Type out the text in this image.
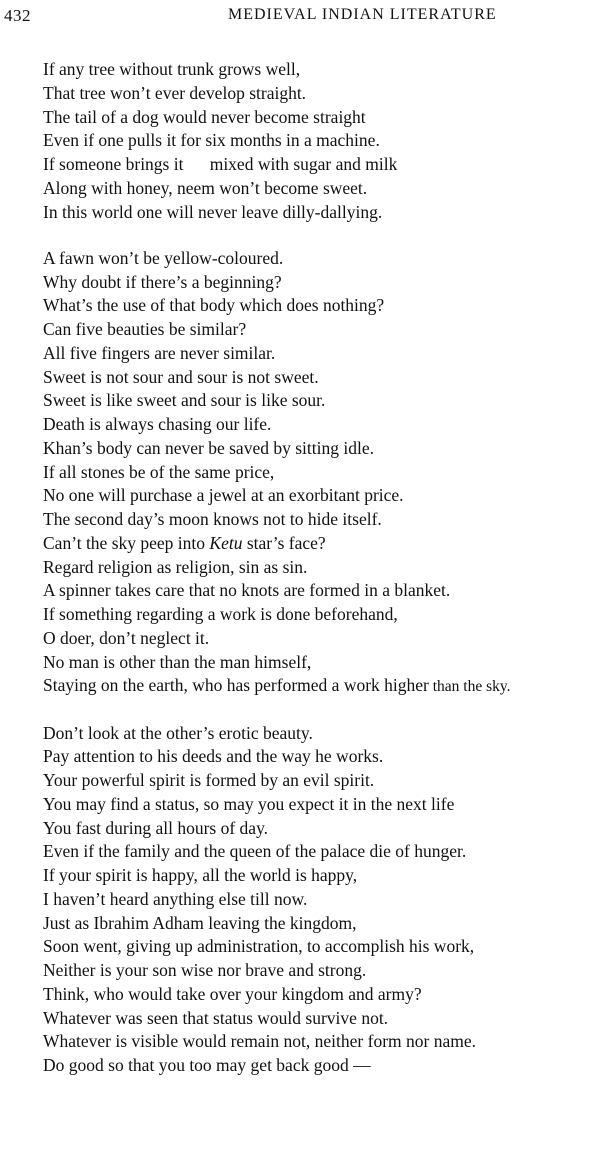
432	MEDIEVAL INDIAN LITERATURE
If any tree without trunk grows well,
That tree won’t ever develop straight.
The tail of a dog would never become straight
Even if one pulls it for six months in a machine.
If someone brings it      mixed with sugar and milk
Along with honey, neem won’t become sweet.
In this world one will never leave dilly-dallying.
A fawn won’t be yellow-coloured.
Why doubt if there’s a beginning?
What’s the use of that body which does nothing?
Can five beauties be similar?
All five fingers are never similar.
Sweet is not sour and sour is not sweet.
Sweet is like sweet and sour is like sour.
Death is always chasing our life.
Khan’s body can never be saved by sitting idle.
If all stones be of the same price,
No one will purchase a jewel at an exorbitant price.
The second day’s moon knows not to hide itself.
Can’t the sky peep into Ketu star’s face?
Regard religion as religion, sin as sin.
A spinner takes care that no knots are formed in a blanket.
If something regarding a work is done beforehand,
O doer, don’t neglect it.
No man is other than the man himself,
Staying on the earth, who has performed a work higher than the sky.
Don’t look at the other’s erotic beauty.
Pay attention to his deeds and the way he works.
Your powerful spirit is formed by an evil spirit.
You may find a status, so may you expect it in the next life
You fast during all hours of day.
Even if the family and the queen of the palace die of hunger.
If your spirit is happy, all the world is happy,
I haven’t heard anything else till now.
Just as Ibrahim Adham leaving the kingdom,
Soon went, giving up administration, to accomplish his work,
Neither is your son wise nor brave and strong.
Think, who would take over your kingdom and army?
Whatever was seen that status would survive not.
Whatever is visible would remain not, neither form nor name.
Do good so that you too may get back good —
